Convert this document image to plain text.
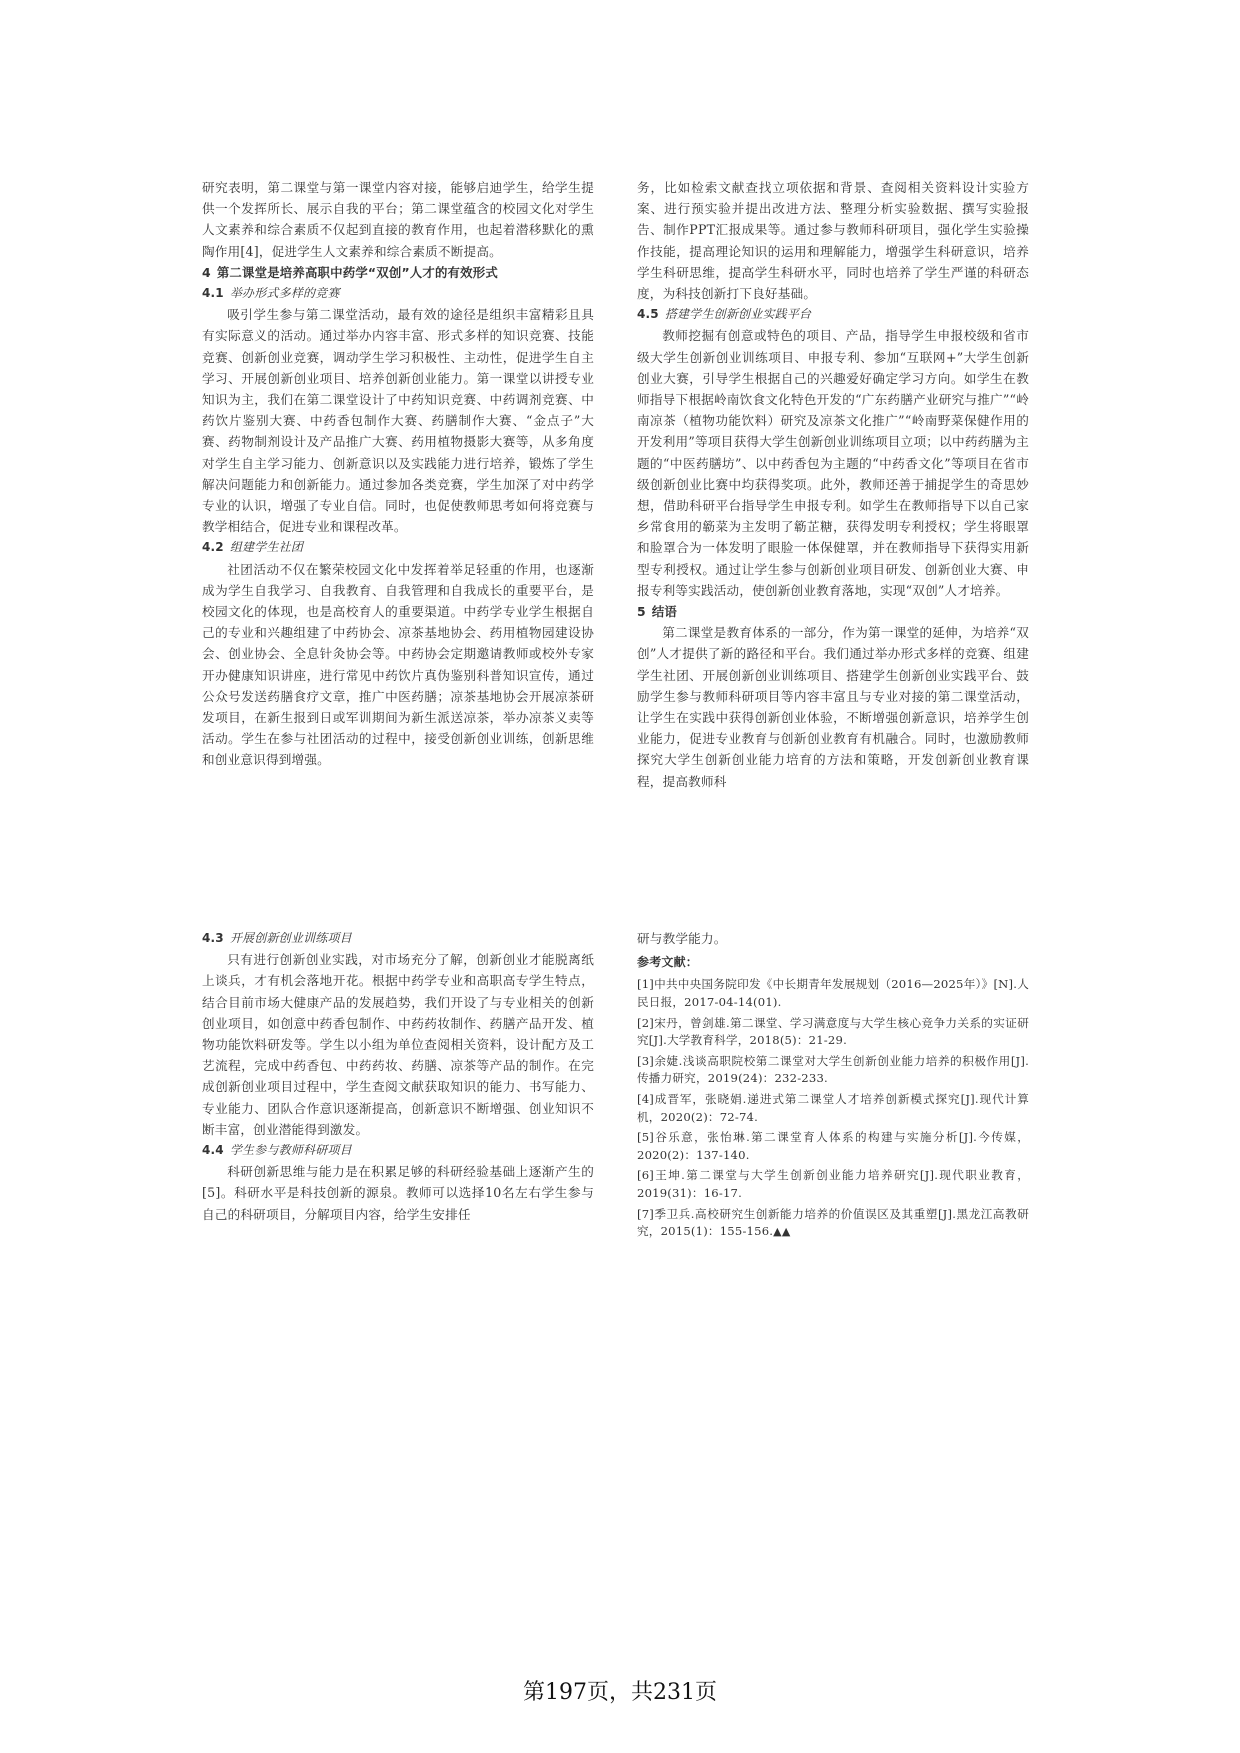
研究表明，第二课堂与第一课堂内容对接，能够启迪学生，给学生提供一个发挥所长、展示自我的平台；第二课堂蕴含的校园文化对学生人文素养和综合素质不仅起到直接的教育作用，也起着潜移默化的熏陶作用[4]，促进学生人文素养和综合素质不断提高。

4 第二课堂是培养高职中药学“双创”人才的有效形式
4.1 举办形式多样的竞赛

吸引学生参与第二课堂活动，最有效的途径是组织丰富精彩且具有实际意义的活动。通过举办内容丰富、形式多样的知识竞赛、技能竞赛、创新创业竞赛，调动学生学习积极性、主动性，促进学生自主学习、开展创新创业项目、培养创新创业能力。第一课堂以讲授专业知识为主，我们在第二课堂设计了中药知识竞赛、中药调剂竞赛、中药饮片鉴别大赛、中药香包制作大赛、药膳制作大赛、“金点子”大赛、药物制剂设计及产品推广大赛、药用植物摄影大赛等，从多角度对学生自主学习能力、创新意识以及实践能力进行培养，锻炼了学生解决问题能力和创新能力。通过参加各类竞赛，学生加深了对中药学专业的认识，增强了专业自信。同时，也促使教师思考如何将竞赛与教学相结合，促进专业和课程改革。

4.2 组建学生社团

社团活动不仅在繁荣校园文化中发挥着举足轻重的作用，也逐渐成为学生自我学习、自我教育、自我管理和自我成长的重要平台，是校园文化的体现，也是高校育人的重要渠道。中药学专业学生根据自己的专业和兴趣组建了中药协会、凉茶基地协会、药用植物园建设协会、创业协会、全息针灸协会等。中药协会定期邀请教师或校外专家开办健康知识讲座，进行常见中药饮片真伪鉴别科普知识宣传，通过公众号发送药膳食疗文章，推广中医药膳；凉茶基地协会开展凉茶研发项目，在新生报到日或军训期间为新生派送凉茶，举办凉茶义卖等活动。学生在参与社团活动的过程中，接受创新创业训练，创新思维和创业意识得到增强。

务，比如检索文献查找立项依据和背景、查阅相关资料设计实验方案、进行预实验并提出改进方法、整理分析实验数据、撰写实验报告、制作PPT汇报成果等。通过参与教师科研项目，强化学生实验操作技能，提高理论知识的运用和理解能力，增强学生科研意识，培养学生科研思维，提高学生科研水平，同时也培养了学生严谨的科研态度，为科技创新打下良好基础。

4.5 搭建学生创新创业实践平台

教师挖掘有创意或特色的项目、产品，指导学生申报校级和省市级大学生创新创业训练项目、申报专利、参加“互联网+”大学生创新创业大赛，引导学生根据自己的兴趣爱好确定学习方向。如学生在教师指导下根据岭南饮食文化特色开发的“广东药膳产业研究与推广”“岭南凉茶（植物功能饮料）研究及凉茶文化推广”“岭南野菜保健作用的开发利用”等项目获得大学生创新创业训练项目立项；以中药药膳为主题的“中医药膳坊”、以中药香包为主题的“中药香文化”等项目在省市级创新创业比赛中均获得奖项。此外，教师还善于捕捉学生的奇思妙想，借助科研平台指导学生申报专利。如学生在教师指导下以自己家乡常食用的簕菜为主发明了簕芷糖，获得发明专利授权；学生将眼罩和脸罩合为一体发明了眼脸一体保健罩，并在教师指导下获得实用新型专利授权。通过让学生参与创新创业项目研发、创新创业大赛、申报专利等实践活动，使创新创业教育落地，实现“双创”人才培养。

5 结语

第二课堂是教育体系的一部分，作为第一课堂的延伸，为培养“双创”人才提供了新的路径和平台。我们通过举办形式多样的竞赛、组建学生社团、开展创新创业训练项目、搭建学生创新创业实践平台、鼓励学生参与教师科研项目等内容丰富且与专业对接的第二课堂活动，让学生在实践中获得创新创业体验，不断增强创新意识，培养学生创业能力，促进专业教育与创新创业教育有机融合。同时，也激励教师探究大学生创新创业能力培育的方法和策略，开发创新创业教育课程，提高教师科

4.3 开展创新创业训练项目

只有进行创新创业实践，对市场充分了解，创新创业才能脱离纸上谈兵，才有机会落地开花。根据中药学专业和高职高专学生特点，结合目前市场大健康产品的发展趋势，我们开设了与专业相关的创新创业项目，如创意中药香包制作、中药药妆制作、药膳产品开发、植物功能饮料研发等。学生以小组为单位查阅相关资料，设计配方及工艺流程，完成中药香包、中药药妆、药膳、凉茶等产品的制作。在完成创新创业项目过程中，学生查阅文献获取知识的能力、书写能力、专业能力、团队合作意识逐渐提高，创新意识不断增强、创业知识不断丰富，创业潜能得到激发。

4.4 学生参与教师科研项目

科研创新思维与能力是在积累足够的科研经验基础上逐渐产生的[5]。科研水平是科技创新的源泉。教师可以选择10名左右学生参与自己的科研项目，分解项目内容，给学生安排任

研与教学能力。

参考文献：

[1]中共中央国务院印发《中长期青年发展规划（2016—2025年）》[N].人民日报，2017-04-14(01).

[2]宋丹，曾剑雄.第二课堂、学习满意度与大学生核心竞争力关系的实证研究[J].大学教育科学，2018(5)：21-29.

[3]余婕.浅谈高职院校第二课堂对大学生创新创业能力培养的积极作用[J].传播力研究，2019(24)：232-233.

[4]成晋军，张晓娟.递进式第二课堂人才培养创新模式探究[J].现代计算机，2020(2)：72-74.

[5]谷乐意，张怡琳.第二课堂育人体系的构建与实施分析[J].今传媒，2020(2)：137-140.

[6]王坤.第二课堂与大学生创新创业能力培养研究[J].现代职业教育，2019(31)：16-17.

[7]季卫兵.高校研究生创新能力培养的价值误区及其重塑[J].黑龙江高教研究，2015(1)：155-156.▲▲

第197页，共231页
